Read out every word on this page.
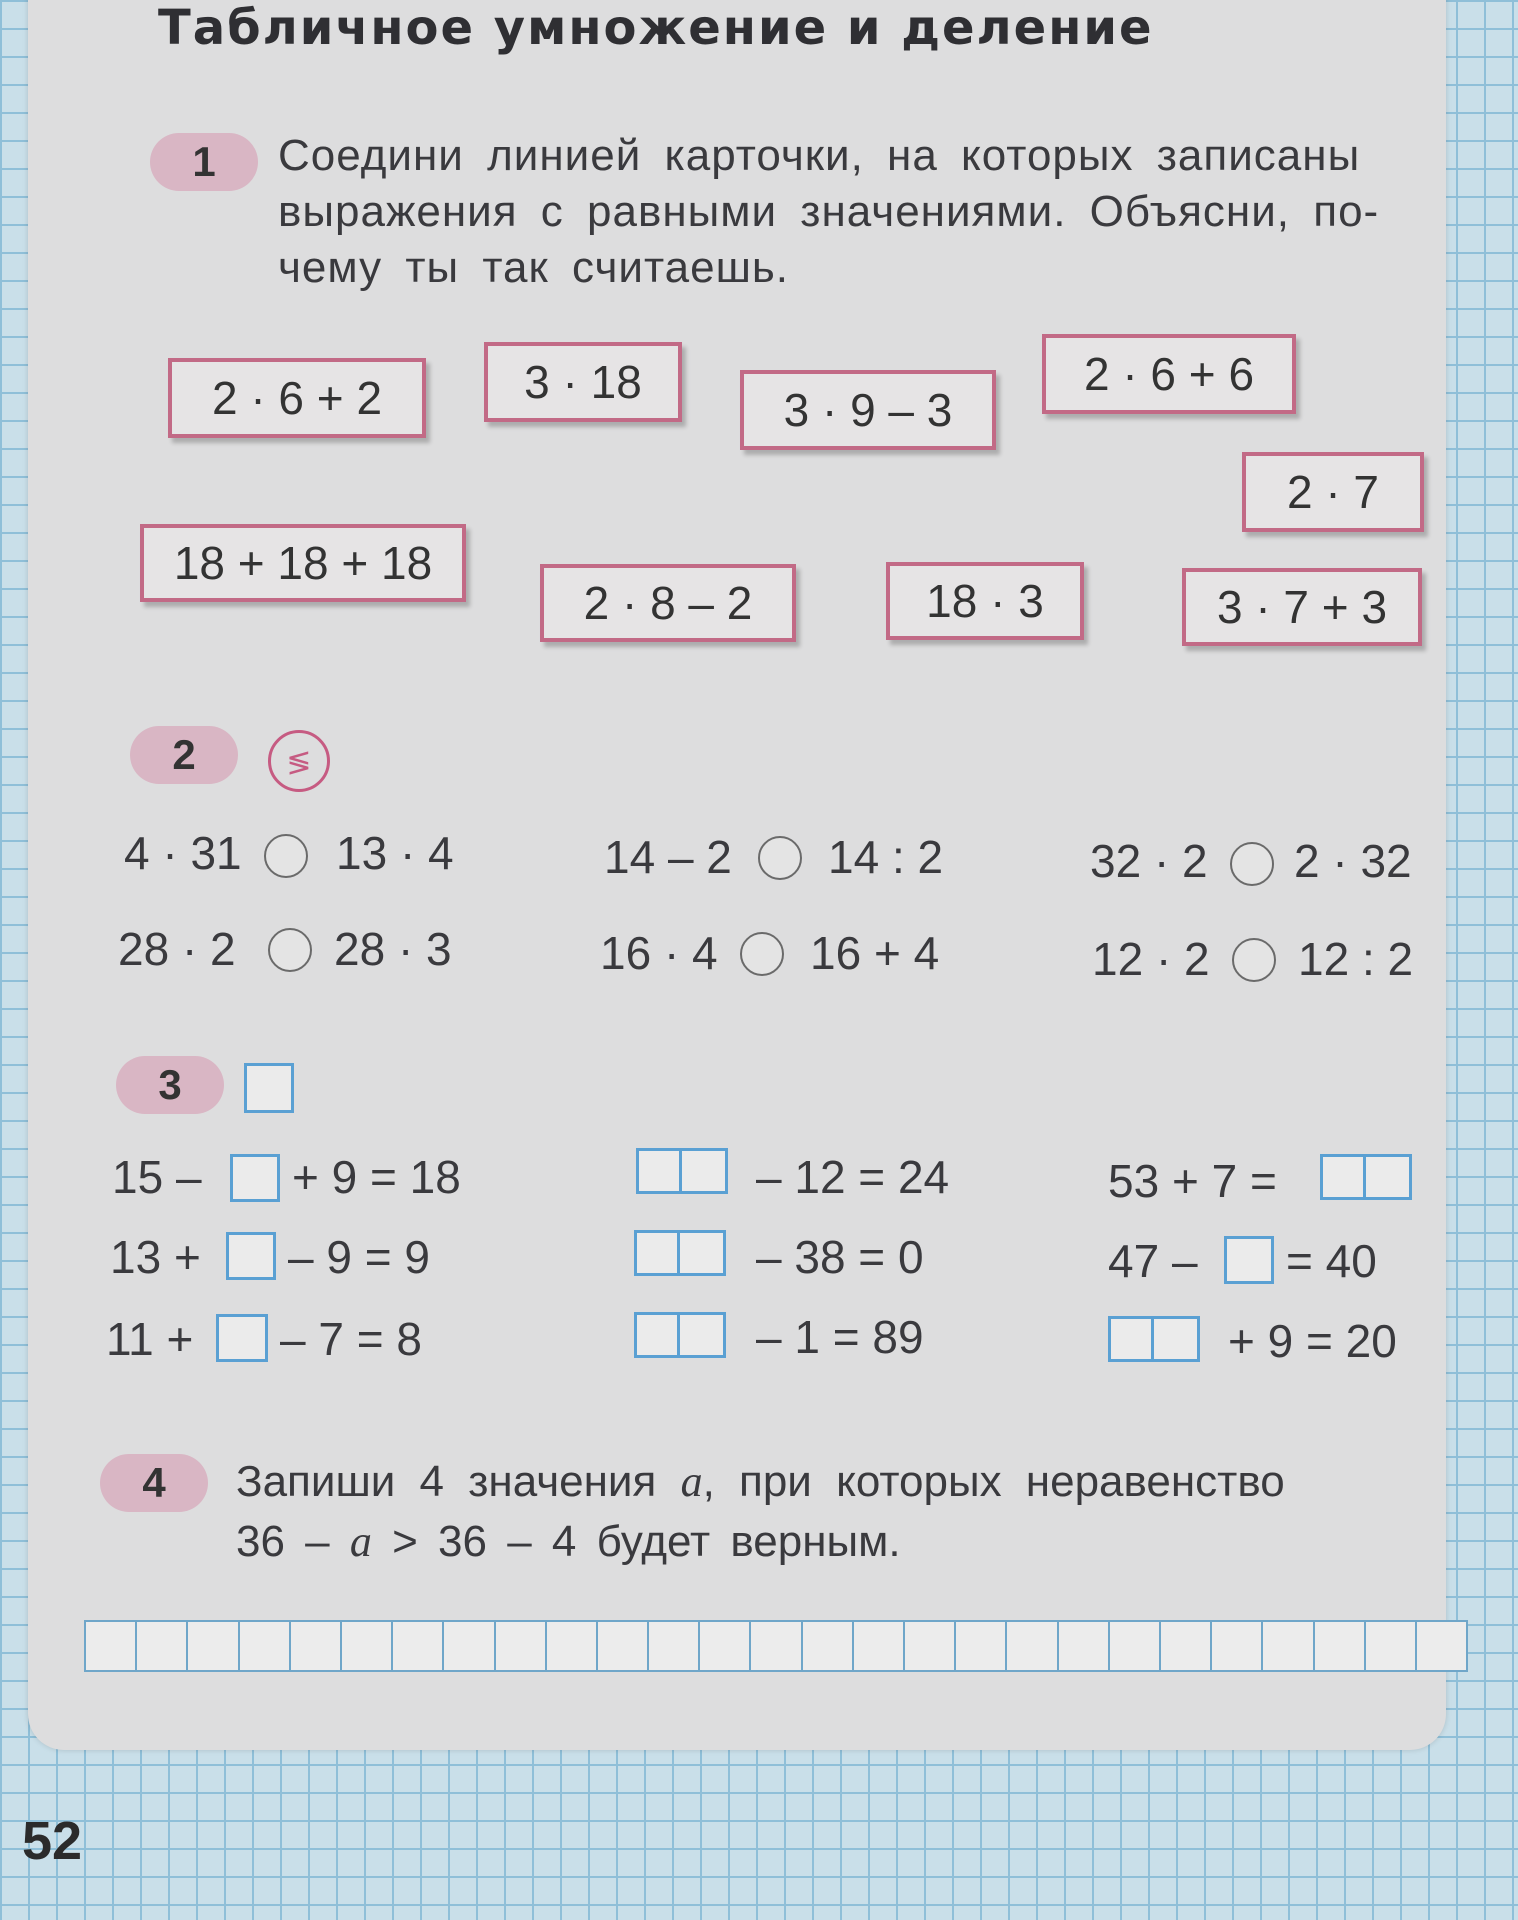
Табличное умножение и деление
1	Соедини линией карточки, на которых записаны
выражения с равными значениями. Объясни, по-
чему ты так считаешь.
2 · 6 + 2	3 · 18
3 · 9 – 3
2 · 6 + 6
2 · 7
18 + 18 + 18
2 · 8 – 2	18 · 3	3 · 7 + 3
2	≶
4 · 31 13 · 4	14 – 2 14 : 2	32 · 2 2 · 32
28 · 2 28 · 3	16 · 4 16 + 4	12 · 2 12 : 2
3
15 – + 9 = 18
13 + – 9 = 9
11 + – 7 = 8
– 12 = 24
– 38 = 0
– 1 = 89
53 + 7 =
47 – = 40
+ 9 = 20
4	Запиши 4 значения a, при которых неравенство
36 – a > 36 – 4 будет верным.
52
